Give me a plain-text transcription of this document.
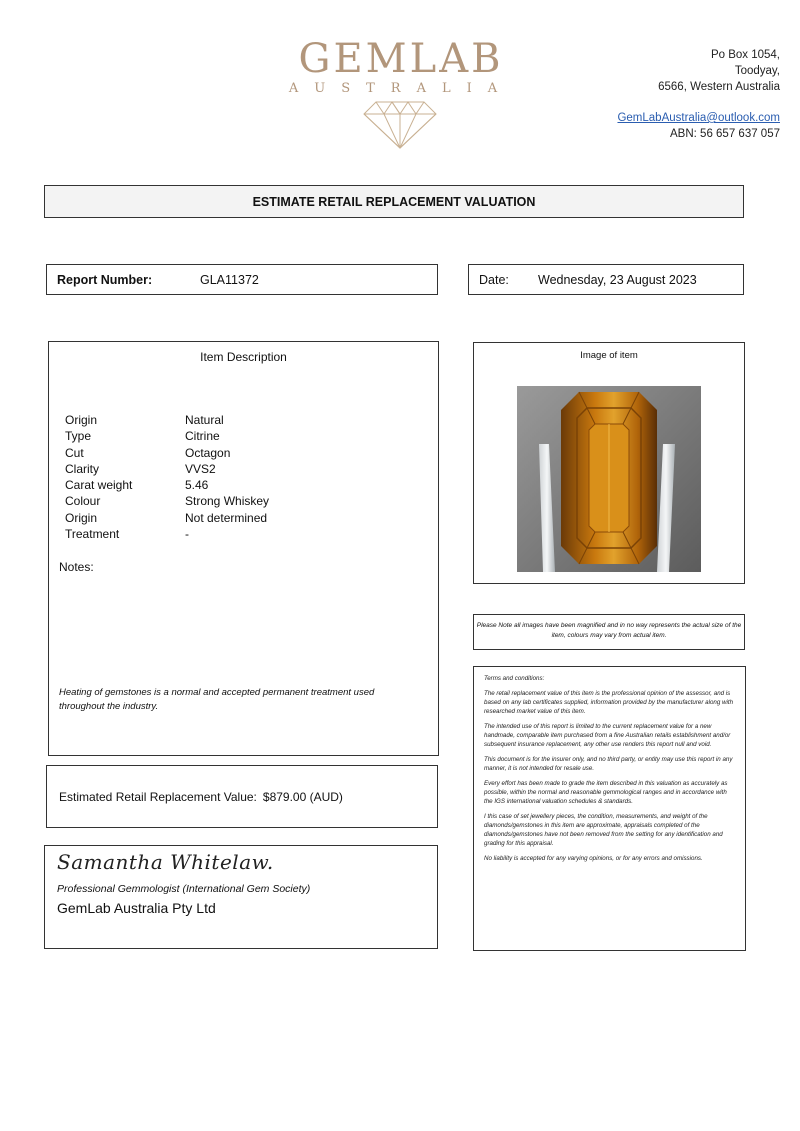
GEMLAB
AUSTRALIA
Po Box 1054,
Toodyay,
6566, Western Australia
GemLabAustralia@outlook.com
ABN: 56 657 637 057
ESTIMATE RETAIL REPLACEMENT VALUATION
Report Number:	GLA11372	Date:	Wednesday, 23 August 2023
Item Description
Origin	Natural
Type	Citrine
Cut	Octagon
Clarity	VVS2
Carat weight	5.46
Colour	Strong Whiskey
Origin	Not determined
Treatment	-
Notes:
Heating of gemstones is a normal and accepted permanent treatment used throughout the industry.
Estimated Retail Replacement Value: $879.00 (AUD)
Samantha Whitelaw.
Professional Gemmologist (International Gem Society)
GemLab Australia Pty Ltd
Image of item
Please Note all images have been magnified and in no way represents the actual size of the item, colours may vary from actual item.

Terms and conditions:

The retail replacement value of this item is the professional opinion of the assessor, and is based on any lab certificates supplied, information provided by the manufacturer along with researched market value of this item.

The intended use of this report is limited to the current replacement value for a new handmade, comparable item purchased from a fine Australian retails establishment and/or subsequent insurance replacement, any other use renders this report null and void.

This document is for the insurer only, and no third party, or entity may use this report in any manner, it is not intended for resale use.

Every effort has been made to grade the item described in this valuation as accurately as possible, within the normal and reasonable gemmological ranges and in accordance with the IGS international valuation schedules & standards.

I this case of set jewellery pieces, the condition, measurements, and weight of the diamonds/gemstones in this item are approximate, appraisals completed of the diamonds/gemstones have not been removed from the setting for any identification and grading for this appraisal.

No liability is accepted for any varying opinions, or for any errors and omissions.
